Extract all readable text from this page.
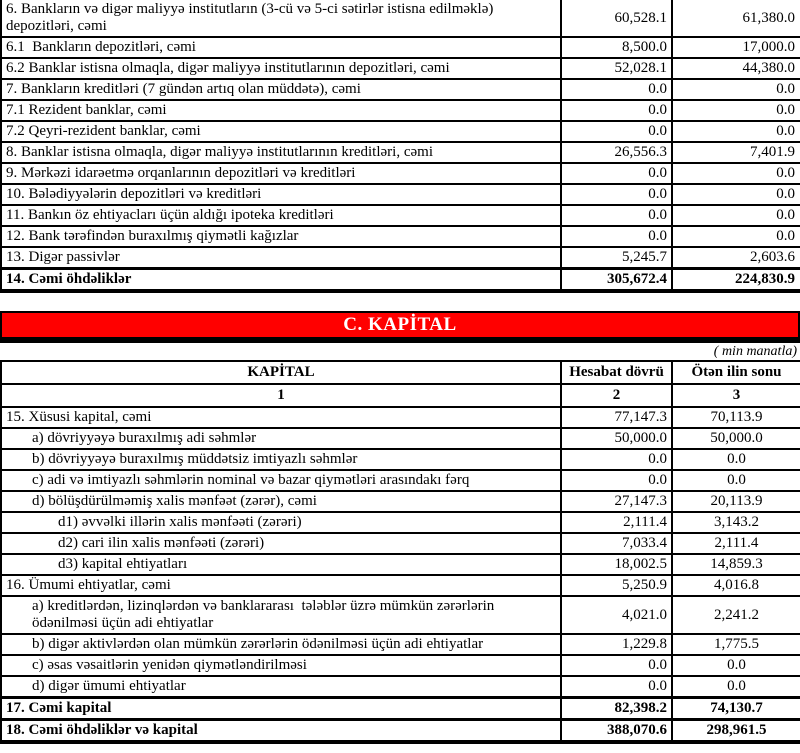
6. Bankların və digər maliyyə institutların (3-cü və 5-ci sətirlər istisna edilməklə) depozitləri, cəmi	60,528.1	61,380.0
6.1  Bankların depozitləri, cəmi	8,500.0	17,000.0
6.2 Banklar istisna olmaqla, digər maliyyə institutlarının depozitləri, cəmi	52,028.1	44,380.0
7. Bankların kreditləri (7 gündən artıq olan müddətə), cəmi	0.0	0.0
7.1 Rezident banklar, cəmi	0.0	0.0
7.2 Qeyri-rezident banklar, cəmi	0.0	0.0
8. Banklar istisna olmaqla, digər maliyyə institutlarının kreditləri, cəmi	26,556.3	7,401.9
9. Mərkəzi idarəetmə orqanlarının depozitləri və kreditləri	0.0	0.0
10. Bələdiyyələrin depozitləri və kreditləri	0.0	0.0
11. Bankın öz ehtiyacları üçün aldığı ipoteka kreditləri	0.0	0.0
12. Bank tərəfindən buraxılmış qiymətli kağızlar	0.0	0.0
13. Digər passivlər	5,245.7	2,603.6
14. Cəmi öhdəliklər	305,672.4	224,830.9
C. KAPİTAL
( min manatla)
KAPİTAL	Hesabat dövrü	Ötən ilin sonu
1	2	3
15. Xüsusi kapital, cəmi	77,147.3	70,113.9
a) dövriyyəyə buraxılmış adi səhmlər	50,000.0	50,000.0
b) dövriyyəyə buraxılmış müddətsiz imtiyazlı səhmlər	0.0	0.0
c) adi və imtiyazlı səhmlərin nominal və bazar qiymətləri arasındakı fərq	0.0	0.0
d) bölüşdürülməmiş xalis mənfəət (zərər), cəmi	27,147.3	20,113.9
d1) əvvəlki illərin xalis mənfəəti (zərəri)	2,111.4	3,143.2
d2) cari ilin xalis mənfəəti (zərəri)	7,033.4	2,111.4
d3) kapital ehtiyatları	18,002.5	14,859.3
16. Ümumi ehtiyatlar, cəmi	5,250.9	4,016.8
a) kreditlərdən, lizinqlərdən və banklararası  tələblər üzrə mümkün zərərlərin ödənilməsi üçün adi ehtiyatlar	4,021.0	2,241.2
b) digər aktivlərdən olan mümkün zərərlərin ödənilməsi üçün adi ehtiyatlar	1,229.8	1,775.5
c) əsas vəsaitlərin yenidən qiymətləndirilməsi	0.0	0.0
d) digər ümumi ehtiyatlar	0.0	0.0
17. Cəmi kapital	82,398.2	74,130.7
18. Cəmi öhdəliklər və kapital	388,070.6	298,961.5
